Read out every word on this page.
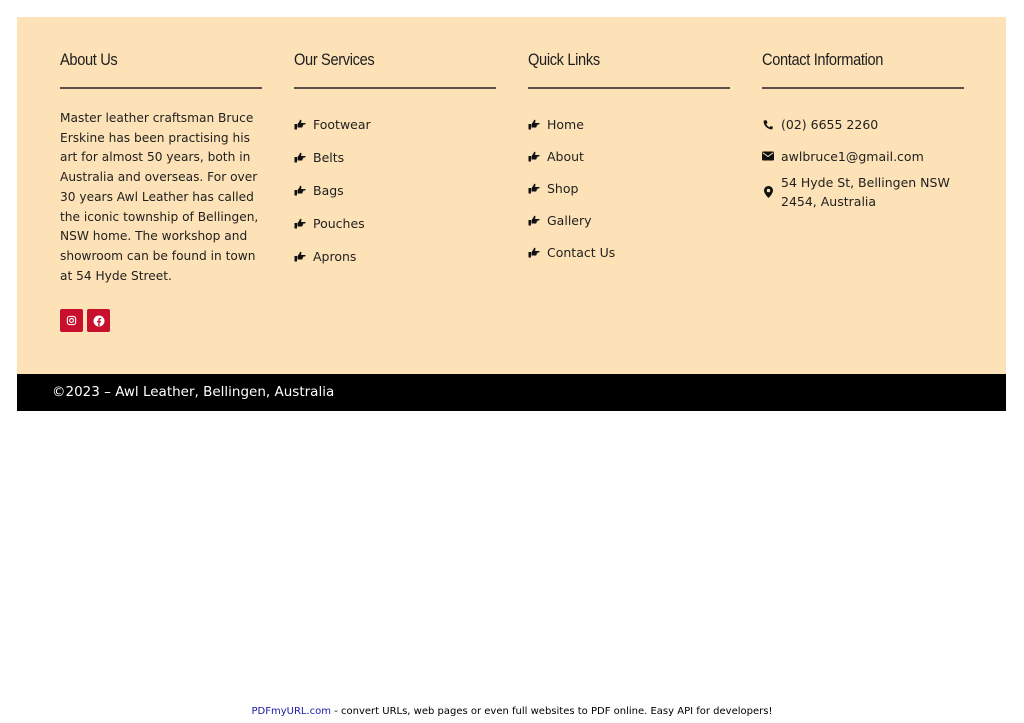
About Us

Master leather craftsman Bruce Erskine has been practising his art for almost 50 years, both in Australia and overseas. For over 30 years Awl Leather has called the iconic township of Bellingen, NSW home. The workshop and showroom can be found in town at 54 Hyde Street.

Our Services
Footwear
Belts
Bags
Pouches
Aprons
Quick Links
Home
About
Shop
Gallery
Contact Us
Contact Information
(02) 6655 2260
awlbruce1@gmail.com
54 Hyde St, Bellingen NSW 2454, Australia
©2023 – Awl Leather, Bellingen, Australia
PDFmyURL.com - convert URLs, web pages or even full websites to PDF online. Easy API for developers!
